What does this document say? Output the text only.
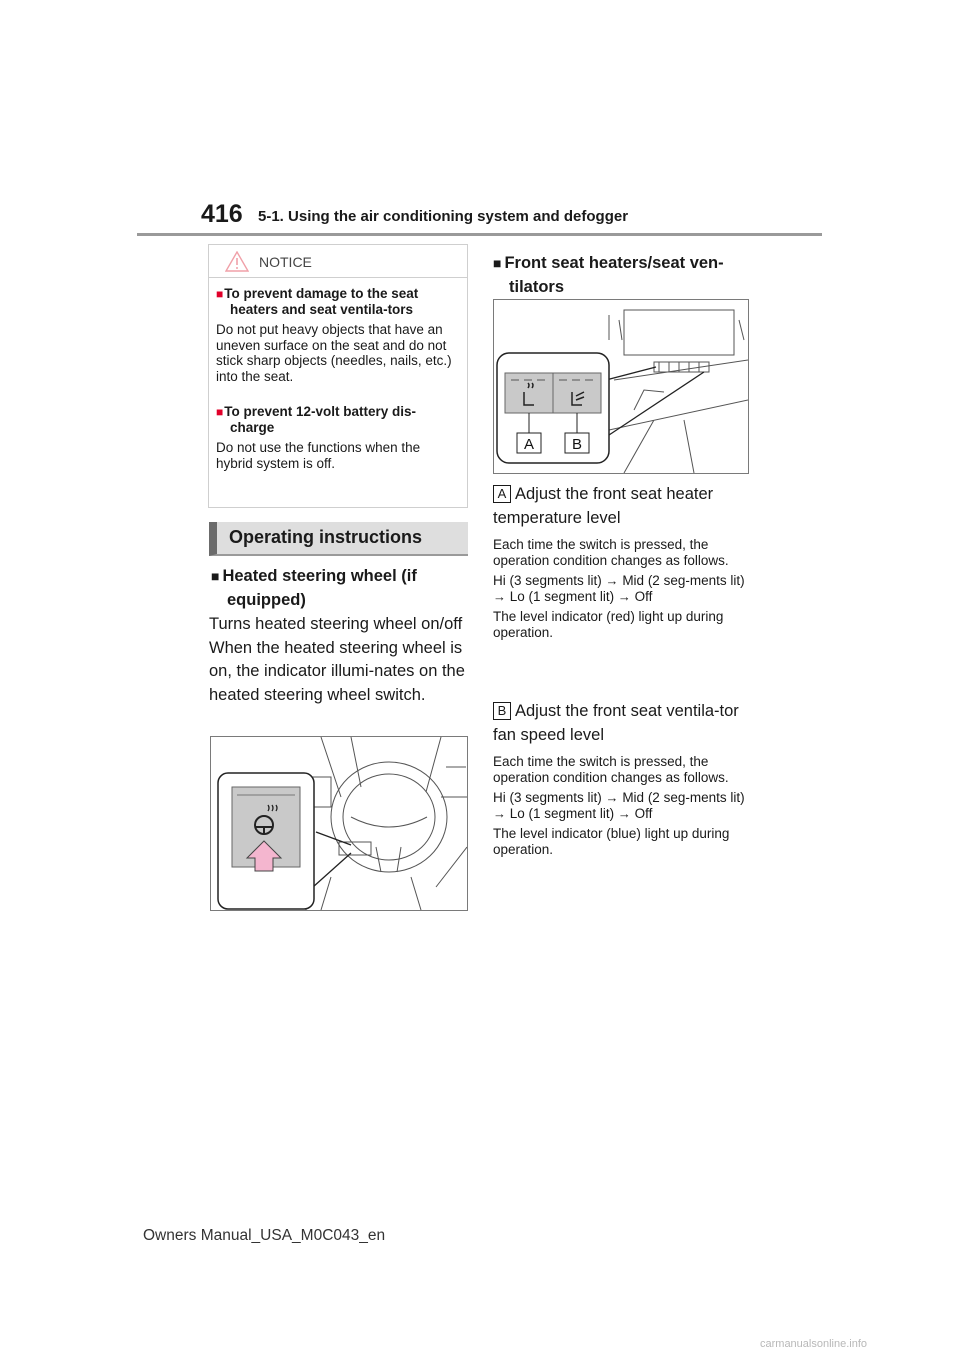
416 5-1. Using the air conditioning system and defogger
NOTICE
■ To prevent damage to the seat heaters and seat ventila-tors
Do not put heavy objects that have an uneven surface on the seat and do not stick sharp objects (needles, nails, etc.) into the seat.
■ To prevent 12-volt battery dis-charge
Do not use the functions when the hybrid system is off.
Operating instructions
■ Heated steering wheel (if equipped)
Turns heated steering wheel on/off When the heated steering wheel is on, the indicator illumi-nates on the heated steering wheel switch.
■ Front seat heaters/seat ven-tilators
A	B
A Adjust the front seat heater temperature level
Each time the switch is pressed, the operation condition changes as follows.
Hi (3 segments lit) → Mid (2 seg-ments lit) → Lo (1 segment lit) → Off
The level indicator (red) light up during operation.
B Adjust the front seat ventila-tor fan speed level
Each time the switch is pressed, the operation condition changes as follows.
Hi (3 segments lit) → Mid (2 seg-ments lit) → Lo (1 segment lit) → Off
The level indicator (blue) light up during operation.
Owners Manual_USA_M0C043_en
carmanualsonline.info
